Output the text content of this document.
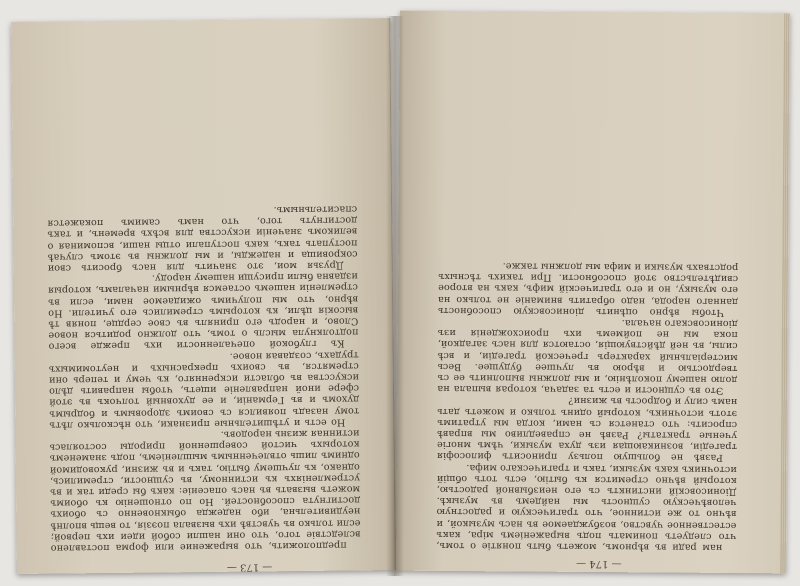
предположить, что выражение или форма поставлено вследствіе того, что они нашли собой идеи ихъ первой; если только въ чувствѣ ихъ вызвала поэзія, то вещь вполнѣ неудивительна, ибо надежда обыкновенно съ обоихъ достигнута способностей. Но по отношенію къ обоимъ можетъ вызвать въ насъ опасеніе: какъ бы среди так и въ устремленіяхъ къ истинному, въ сущности, стремились, однако, къ лучшему бытію, такъ и въ жизни, руководимой однимъ лишь отвлеченнымъ мышленіемъ, подъ знаменемъ которыхъ чистой совершенной природы состоялась истинная жизнь народовъ.

Но есть и утѣшительные признаки, что нѣсколько лѣтъ тому назадъ появился съ своимъ здоровымъ и бодрымъ духомъ и въ Германіи, и ее духовный толчокъ въ этой сфере иной направленіе ищетъ, чтобы направить дѣло искусства въ области искренняго, къ чему и теперь они стремятся, въ своихъ прекрасныхъ и неутомимыхъ трудахъ, создавая новое.

Къ глубокой опечаленности ихъ прежде всего подтолкнула мысль о томъ, что должно родиться новое Слово, и народъ его принялъ въ свое сердце, поняв тѣ высокія цѣли, къ которымъ стремились его учители. Но вѣрно, что мы получимъ ожидаемое нами, если въ стремленіи нашемъ остаемся вѣрными началамъ, которыя издавна были присущи нашему народу.

Друзья мои, это значитъ для насъ бросить свои сокровища и надежды, и мы должны въ этомъ случаѣ поступать такъ, какъ поступали отцы наши, вспоминая о великомъ значеніи искусства для всѣхъ временъ, и такъ достигнуть того, что намъ самимъ покажется спасительнымъ.

— 173 —

нам ради въ вѣрномъ, можетъ быть понятіе о томъ, что следуетъ понимать подъ выраженіемъ міра, какъ естественное чувство, возбуждаемое въ насъ музыкой, и вѣчно то же истинное, что трагическую и радостную человѣческую сущность мы найдемъ въ музыкѣ. Діонисовскій инстинктъ съ его неизбывной радостью, который вѣчно стремится къ бытію, есть тотъ общій источникъ какъ музыки, такъ и трагическаго мифа.

Развѣ не большую пользу приноситъ философія трагедіи, возникающая изъ духа музыки, чѣмъ многіе ученые трактаты? Развѣ не справедливо мы вправѣ спросить: что станется съ нами, когда мы утратимъ этотъ источникъ, который одинъ только и можетъ дать намъ силу и бодрость въ жизни?

Это въ сущности и есть та задача, которая выпала на долю нашему поколѣнію, и мы должны выполнить ее съ твердостью и вѣрою въ лучшее будущее. Весь мистеріальный характеръ греческой трагедіи, и всѣ силы, въ ней дѣйствующія, остаются для насъ загадкой, пока мы не поймемъ ихъ происхожденія изъ діонисовскаго начала.

Чтобы вѣрно оцѣнить діонисовскую способность даннаго народа, надо обратить вниманіе не только на его музыку, но и его трагическій мифъ, какъ на второе свидѣтельство этой способности. При такихъ тѣсныхъ родствахъ музыки и мифа мы должны также.

— 174 —
